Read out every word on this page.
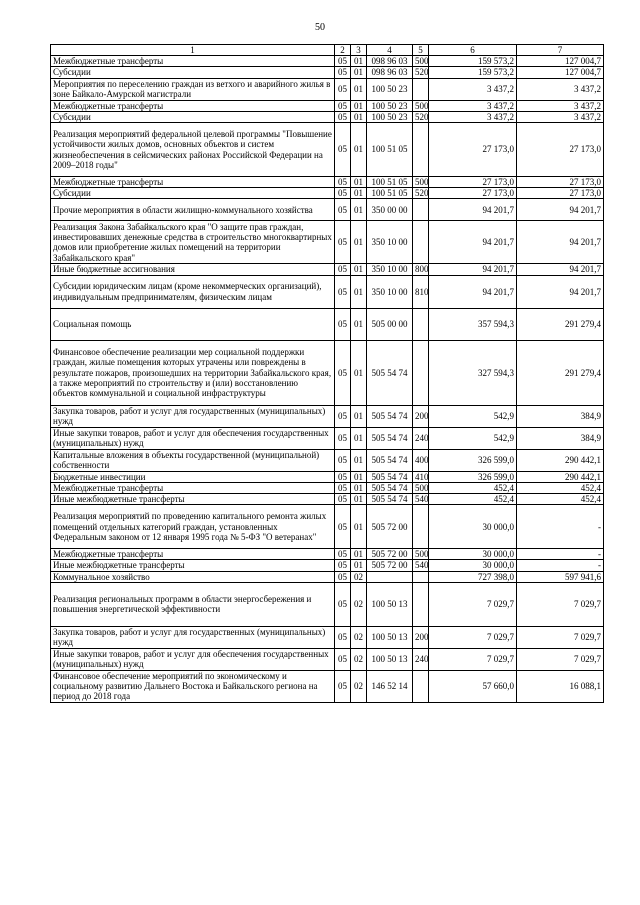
50
1	2	3	4	5	6	7
Межбюджетные трансферты	05	01	098 96 03	500	159 573,2	127 004,7
Субсидии	05	01	098 96 03	520	159 573,2	127 004,7
Мероприятия по переселению граждан из ветхого и аварийного жилья в зоне Байкало-Амурской магистрали	05	01	100 50 23		3 437,2	3 437,2
Межбюджетные трансферты	05	01	100 50 23	500	3 437,2	3 437,2
Субсидии	05	01	100 50 23	520	3 437,2	3 437,2
Реализация мероприятий федеральной целевой программы "Повышение устойчивости жилых домов, основных объектов и систем жизнеобеспечения в сейсмических районах Российской Федерации на 2009–2018 годы"	05	01	100 51 05		27 173,0	27 173,0
Межбюджетные трансферты	05	01	100 51 05	500	27 173,0	27 173,0
Субсидии	05	01	100 51 05	520	27 173,0	27 173,0
Прочие мероприятия в области жилищно-коммунального хозяйства	05	01	350 00 00		94 201,7	94 201,7
Реализация Закона Забайкальского края "О защите прав граждан, инвестировавших денежные средства в строительство многоквартирных домов или приобретение жилых помещений на территории Забайкальского края"	05	01	350 10 00		94 201,7	94 201,7
Иные бюджетные ассигнования	05	01	350 10 00	800	94 201,7	94 201,7
Субсидии юридическим лицам (кроме некоммерческих организаций), индивидуальным предпринимателям, физическим лицам	05	01	350 10 00	810	94 201,7	94 201,7
Социальная помощь	05	01	505 00 00		357 594,3	291 279,4
Финансовое обеспечение реализации мер социальной поддержки граждан, жилые помещения которых утрачены или повреждены в результате пожаров, произошедших на территории Забайкальского края, а также мероприятий по строительству и (или) восстановлению объектов коммунальной и социальной инфраструктуры	05	01	505 54 74		327 594,3	291 279,4
Закупка товаров, работ и услуг для государственных (муниципальных) нужд	05	01	505 54 74	200	542,9	384,9
Иные закупки товаров, работ и услуг для обеспечения государственных (муниципальных) нужд	05	01	505 54 74	240	542,9	384,9
Капитальные вложения в объекты государственной (муниципальной) собственности	05	01	505 54 74	400	326 599,0	290 442,1
Бюджетные инвестиции	05	01	505 54 74	410	326 599,0	290 442,1
Межбюджетные трансферты	05	01	505 54 74	500	452,4	452,4
Иные межбюджетные трансферты	05	01	505 54 74	540	452,4	452,4
Реализация мероприятий по проведению капитального ремонта жилых помещений отдельных категорий граждан, установленных Федеральным законом от 12 января 1995 года № 5-ФЗ "О ветеранах"	05	01	505 72 00		30 000,0	-
Межбюджетные трансферты	05	01	505 72 00	500	30 000,0	-
Иные межбюджетные трансферты	05	01	505 72 00	540	30 000,0	-
Коммунальное хозяйство	05	02			727 398,0	597 941,6
Реализация региональных программ в области энергосбережения и повышения энергетической эффективности	05	02	100 50 13		7 029,7	7 029,7
Закупка товаров, работ и услуг для государственных (муниципальных) нужд	05	02	100 50 13	200	7 029,7	7 029,7
Иные закупки товаров, работ и услуг для обеспечения государственных (муниципальных) нужд	05	02	100 50 13	240	7 029,7	7 029,7
Финансовое обеспечение мероприятий по экономическому и социальному развитию Дальнего Востока и Байкальского региона на период до 2018 года	05	02	146 52 14		57 660,0	16 088,1
